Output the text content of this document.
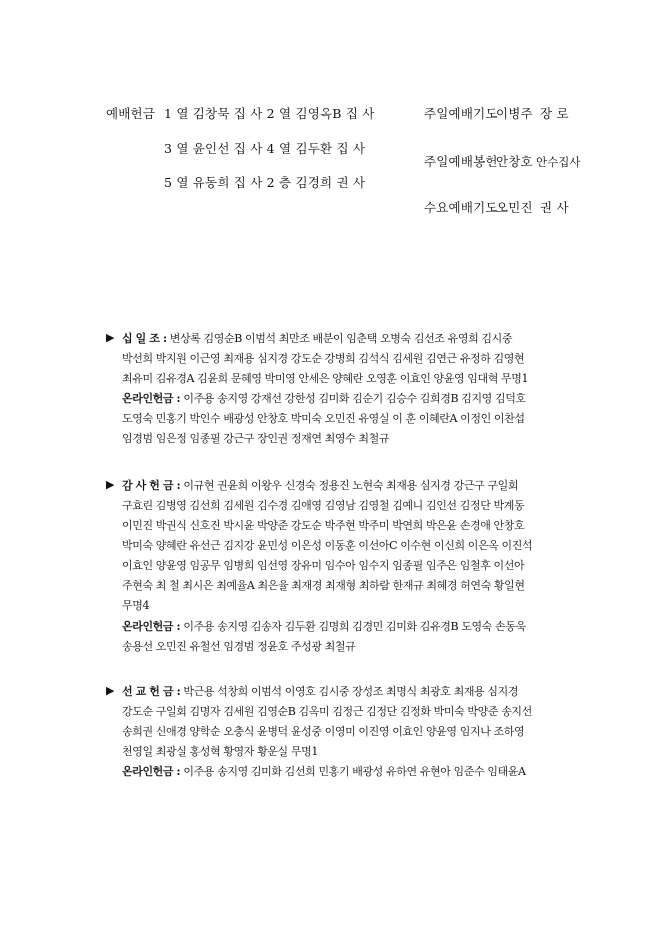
예배헌금 1 열 김창묵 집 사 2 열 김영옥B 집 사
3 열 윤인선 집 사 4 열 김두환 집 사
5 열 유동희 집 사 2 층 김경희 권 사
주일예배기도
이병주 장 로
주일예배봉헌
안창호 안수집사
수요예배기도
오민진 권 사
▶ 십 일 조 : 변상록 김영순B 이범석 최만조 배분이 임춘택 오병숙 김선조 유영희 김시중
박선희 박지원 이근영 최재용 심지경 강도순 강병희 김석식 김세원 김연근 유정하 김영현
최유미 김유경A 김윤희 문혜영 박미영 안세은 양혜란 오영훈 이효인 양윤영 임대혁 무명1
온라인헌금 : 이주용 송지영 강재선 강한성 김미화 김순기 김승수 김희경B 김지영 김덕호
도영숙 민홍기 박인수 배광성 안창호 박미숙 오민진 유영실 이 훈 이혜란A 이정인 이찬섭
임경범 임은정 임종필 강근구 장인권 정재연 최영수 최철규
▶ 감 사 헌 금 : 이규현 권윤희 이왕우 신경숙 정용진 노현숙 최재용 심지경 강근구 구일회
구효린 김병영 김선희 김세원 김수경 김애영 김영남 김영철 김예니 김인선 김정단 박계동
이민진 박권식 신호진 박시윤 박양준 강도순 박주현 박주미 박연희 박은윤 손경애 안창호
박미숙 양혜란 유선근 김지강 윤민성 이은성 이동훈 이선아C 이수현 이신희 이은옥 이진석
이효인 양윤영 임공무 임병희 임선영 장유미 임수아 임수지 임종필 임주은 임철후 이선아
주현숙 최 철 최시은 최예율A 최은율 최재경 최재형 최하람 한재규 최혜경 허연숙 황일현
무명4
온라인헌금 : 이주용 송지영 김송자 김두환 김명희 김경민 김미화 김유경B 도영숙 손동욱
송용선 오민진 유철선 임경범 정윤호 주성광 최철규
▶ 선 교 헌 금 : 박근용 석창희 이범석 이영호 김시중 장성조 최명식 최광호 최재용 심지경
강도순 구일회 김명자 김세원 김영순B 김옥미 김정근 김정단 김정화 박미숙 박양준 송지선
송희권 신애경 양학순 오충식 윤병덕 윤성중 이영미 이진영 이효인 양윤영 임지나 조하영
천영일 최광실 홍성혁 황영자 황운실 무명1
온라인헌금 : 이주용 송지영 김미화 김선희 민홍기 배광성 유하연 유현아 임준수 임태윤A
